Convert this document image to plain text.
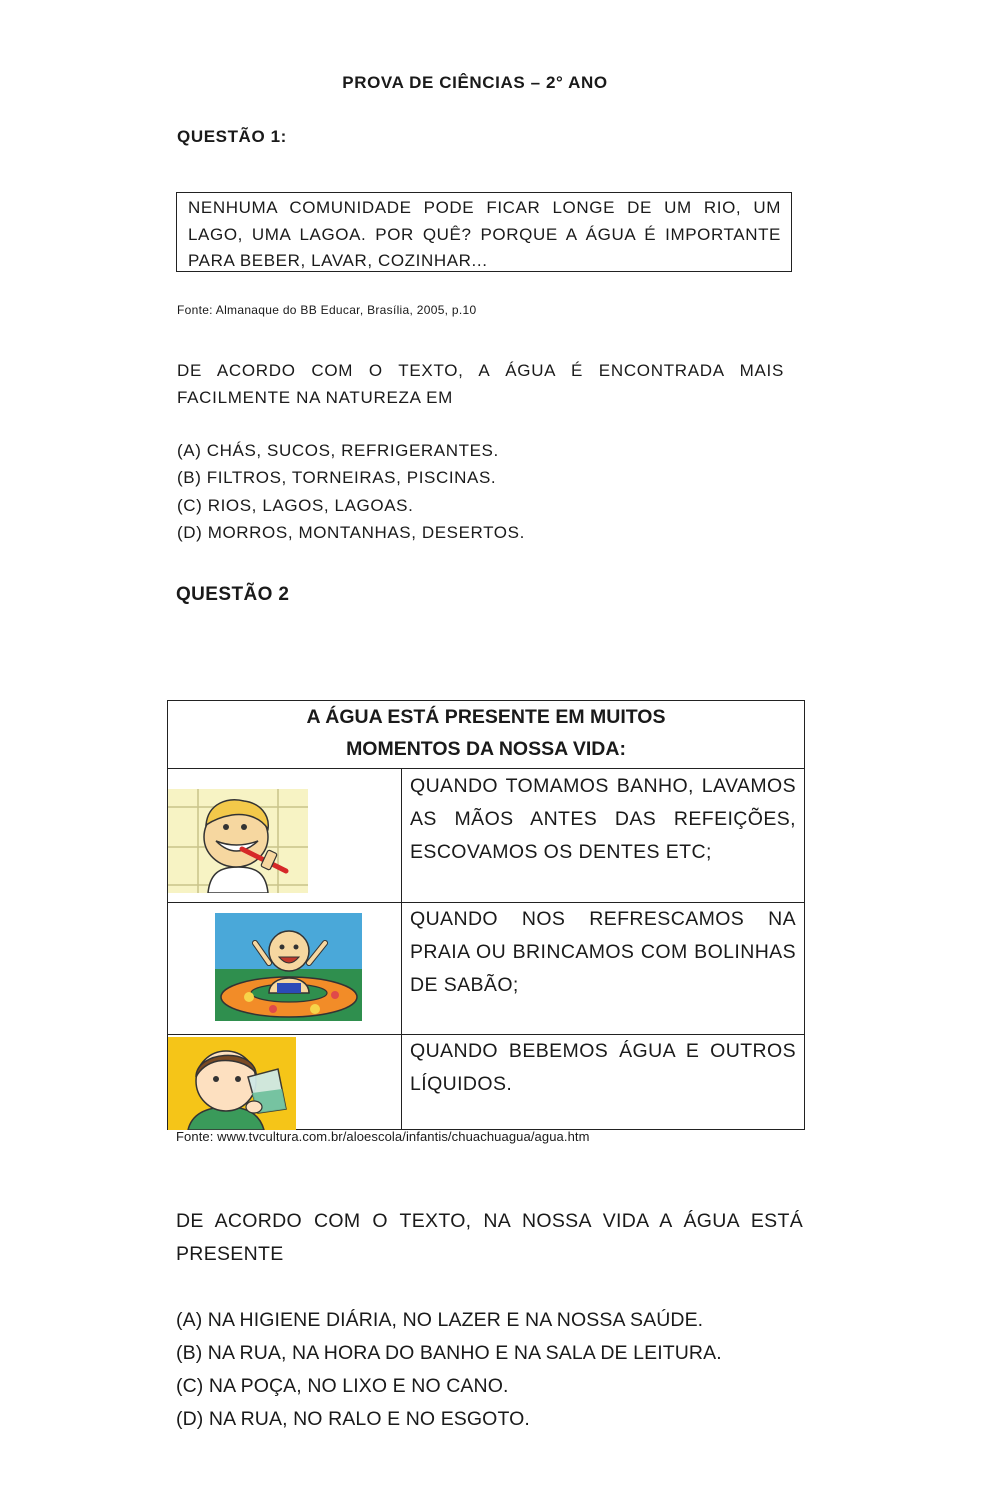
PROVA DE CIÊNCIAS – 2° ANO
QUESTÃO 1:
NENHUMA COMUNIDADE PODE FICAR LONGE DE UM RIO, UM LAGO, UMA LAGOA. POR QUÊ? PORQUE A ÁGUA É IMPORTANTE PARA BEBER, LAVAR, COZINHAR...
Fonte: Almanaque do BB Educar, Brasília, 2005, p.10
DE ACORDO COM O TEXTO, A ÁGUA É ENCONTRADA MAIS FACILMENTE NA NATUREZA EM
(A) CHÁS, SUCOS, REFRIGERANTES.
(B) FILTROS, TORNEIRAS, PISCINAS.
(C) RIOS, LAGOS, LAGOAS.
(D) MORROS, MONTANHAS, DESERTOS.
QUESTÃO 2
A ÁGUA ESTÁ PRESENTE EM MUITOS
MOMENTOS DA NOSSA VIDA:
QUANDO TOMAMOS BANHO, LAVAMOS AS MÃOS ANTES DAS REFEIÇÕES, ESCOVAMOS OS DENTES ETC;
QUANDO NOS REFRESCAMOS NA PRAIA OU BRINCAMOS COM BOLINHAS DE SABÃO;
QUANDO BEBEMOS ÁGUA E OUTROS LÍQUIDOS.
Fonte: www.tvcultura.com.br/aloescola/infantis/chuachuagua/agua.htm
DE ACORDO COM O TEXTO, NA NOSSA VIDA A ÁGUA ESTÁ PRESENTE
(A) NA HIGIENE DIÁRIA, NO LAZER E NA NOSSA SAÚDE.
(B) NA RUA, NA HORA DO BANHO E NA SALA DE LEITURA.
(C) NA POÇA, NO LIXO E NO CANO.
(D) NA RUA, NO RALO E NO ESGOTO.
